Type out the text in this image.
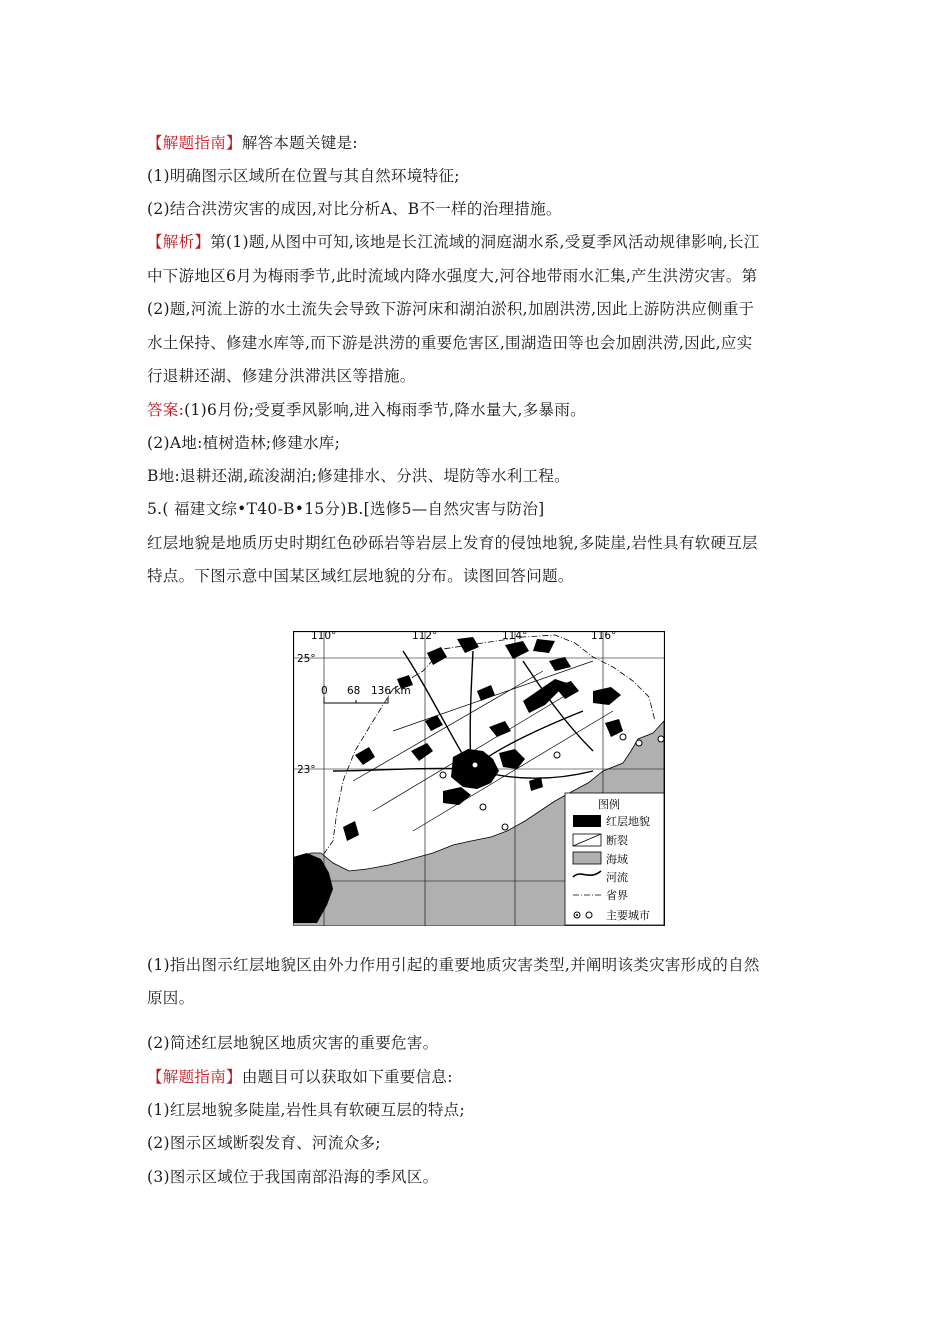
【解题指南】解答本题关键是:
(1)明确图示区域所在位置与其自然环境特征;
(2)结合洪涝灾害的成因,对比分析A、B不一样的治理措施。
【解析】第(1)题,从图中可知,该地是长江流域的洞庭湖水系,受夏季风活动规律影响,长江
中下游地区6月为梅雨季节,此时流域内降水强度大,河谷地带雨水汇集,产生洪涝灾害。第
(2)题,河流上游的水土流失会导致下游河床和湖泊淤积,加剧洪涝,因此上游防洪应侧重于
水土保持、修建水库等,而下游是洪涝的重要危害区,围湖造田等也会加剧洪涝,因此,应实
行退耕还湖、修建分洪滞洪区等措施。
答案:(1)6月份;受夏季风影响,进入梅雨季节,降水量大,多暴雨。
(2)A地:植树造林;修建水库;
B地:退耕还湖,疏浚湖泊;修建排水、分洪、堤防等水利工程。
5.( 福建文综•T40-B•15分)B.[选修5—自然灾害与防治]
红层地貌是地质历史时期红色砂砾岩等岩层上发育的侵蚀地貌,多陡崖,岩性具有软硬互层
特点。下图示意中国某区域红层地貌的分布。读图回答问题。
(1)指出图示红层地貌区由外力作用引起的重要地质灾害类型,并阐明该类灾害形成的自然
原因。
(2)简述红层地貌区地质灾害的重要危害。
【解题指南】由题目可以获取如下重要信息:
(1)红层地貌多陡崖,岩性具有软硬互层的特点;
(2)图示区域断裂发育、河流众多;
(3)图示区域位于我国南部沿海的季风区。
110°	112°	114°	116°
25°
23°
21°
0 68 136 km
图例
红层地貌
断裂
海域
河流
省界
主要城市
